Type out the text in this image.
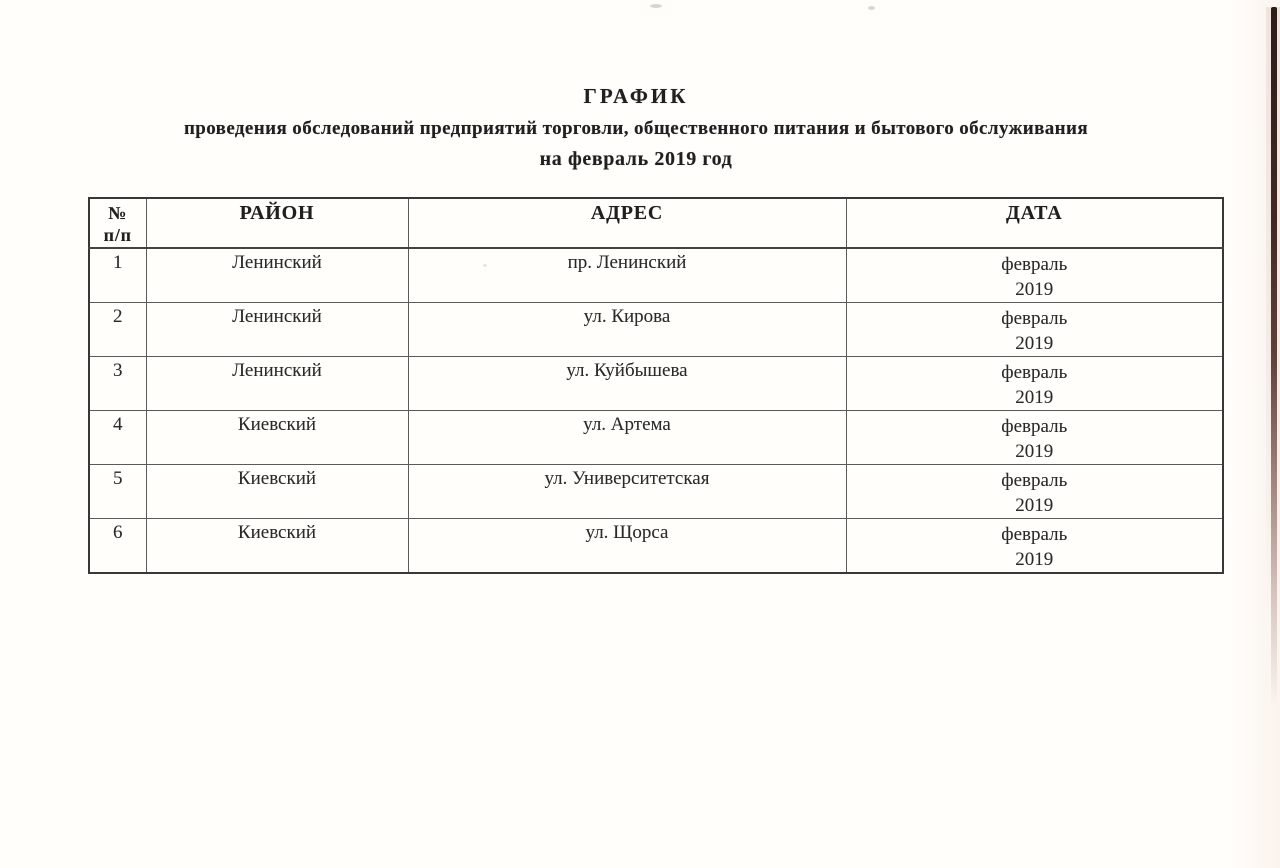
ГРАФИК
проведения обследований предприятий торговли, общественного питания и бытового обслуживания
на февраль 2019 год
№
п/п	РАЙОН	АДРЕС	ДАТА
1	Ленинский	пр. Ленинский	февраль
2019

2	Ленинский	ул. Кирова	февраль
2019

3	Ленинский	ул. Куйбышева	февраль
2019

4	Киевский	ул. Артема	февраль
2019

5	Киевский	ул. Университетская	февраль
2019

6	Киевский	ул. Щорса	февраль
2019
